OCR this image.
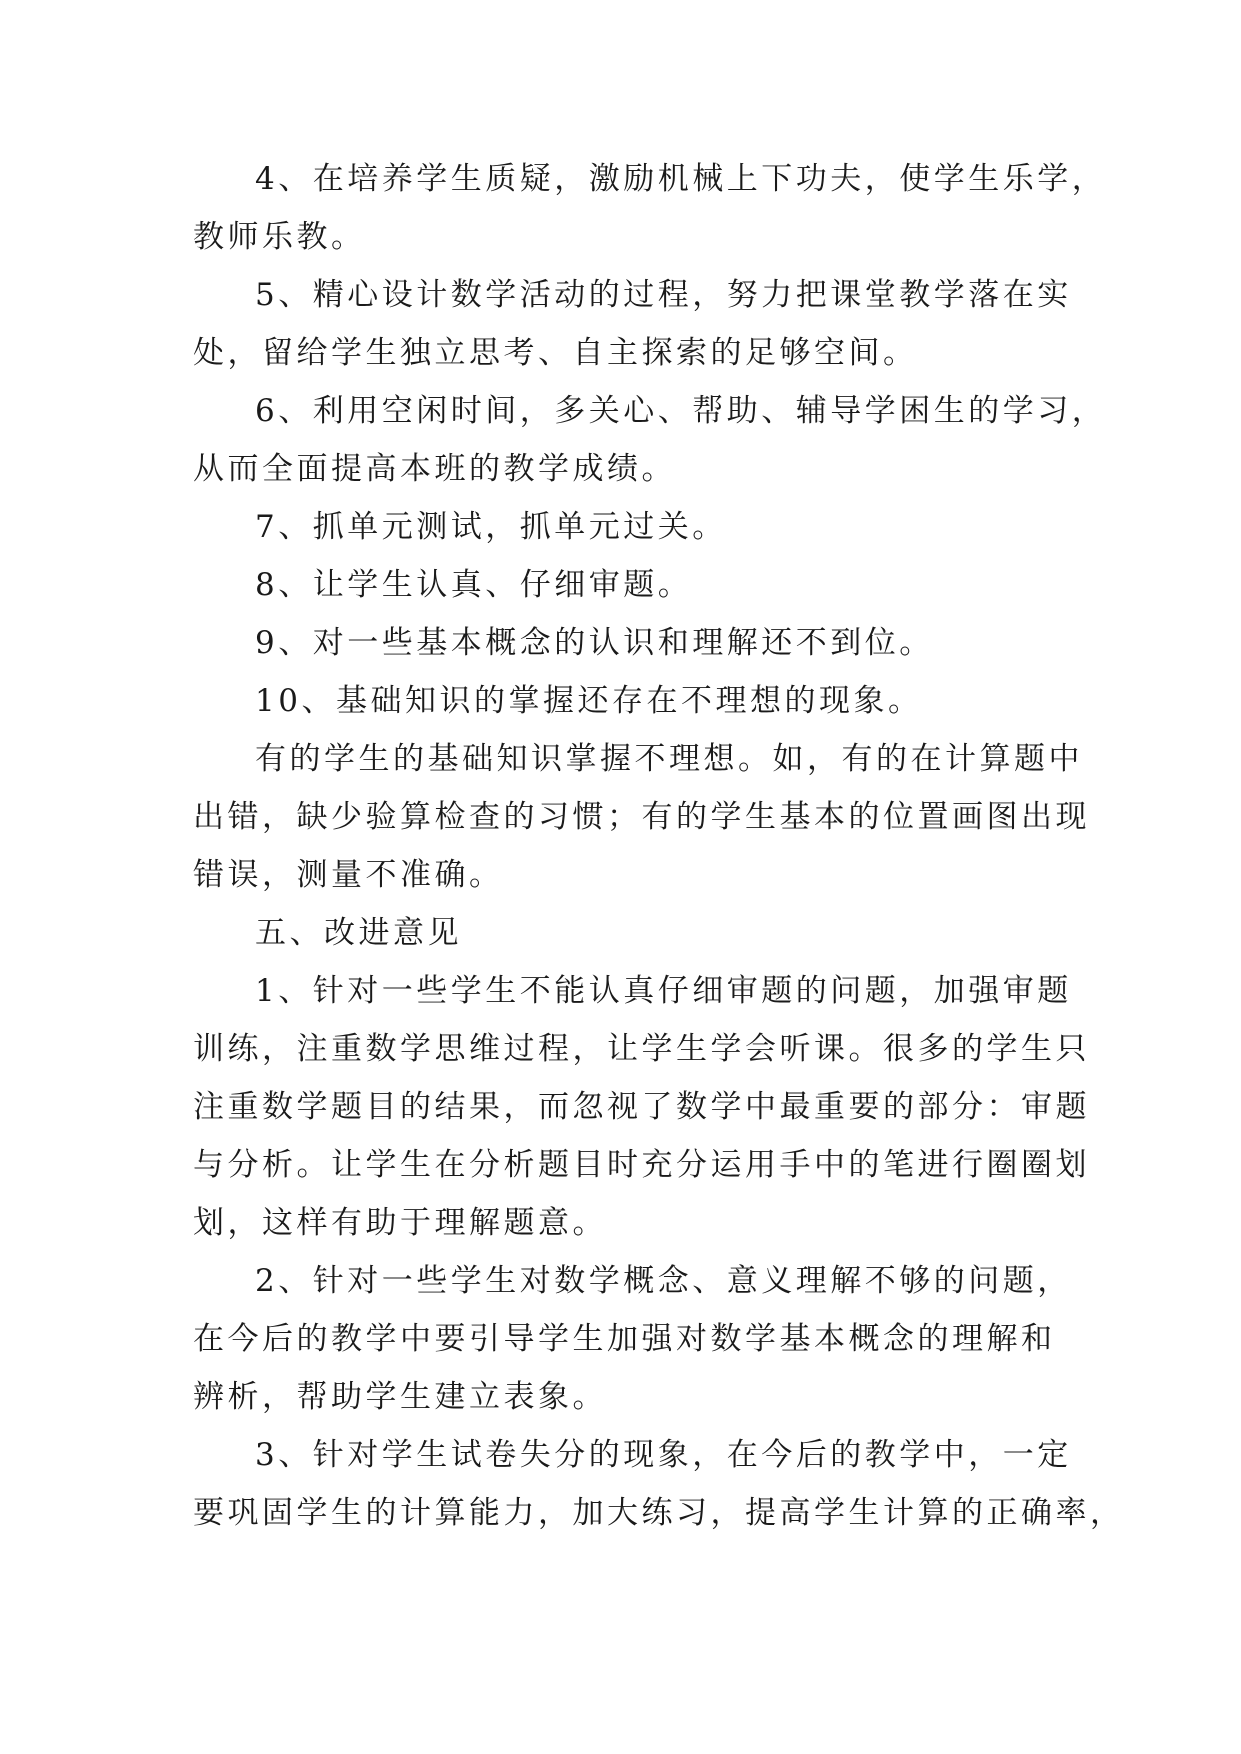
4、在培养学生质疑，激励机械上下功夫，使学生乐学，
教师乐教。

5、精心设计数学活动的过程，努力把课堂教学落在实
处，留给学生独立思考、自主探索的足够空间。

6、利用空闲时间，多关心、帮助、辅导学困生的学习，
从而全面提高本班的教学成绩。

7、抓单元测试，抓单元过关。

8、让学生认真、仔细审题。

9、对一些基本概念的认识和理解还不到位。

10、基础知识的掌握还存在不理想的现象。

有的学生的基础知识掌握不理想。如，有的在计算题中
出错，缺少验算检查的习惯；有的学生基本的位置画图出现
错误，测量不准确。

五、改进意见

1、针对一些学生不能认真仔细审题的问题，加强审题
训练，注重数学思维过程，让学生学会听课。很多的学生只
注重数学题目的结果，而忽视了数学中最重要的部分：审题
与分析。让学生在分析题目时充分运用手中的笔进行圈圈划
划，这样有助于理解题意。

2、针对一些学生对数学概念、意义理解不够的问题，
在今后的教学中要引导学生加强对数学基本概念的理解和
辨析，帮助学生建立表象。

3、针对学生试卷失分的现象，在今后的教学中，一定
要巩固学生的计算能力，加大练习，提高学生计算的正确率，
